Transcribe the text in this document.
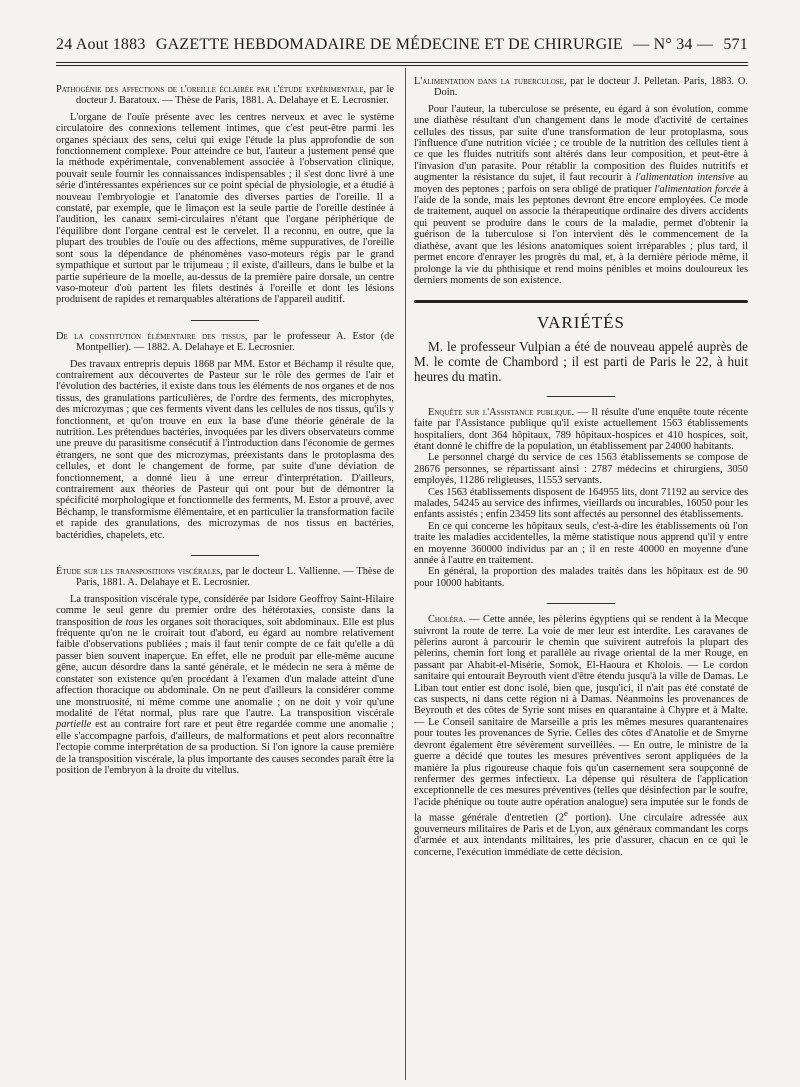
24 Aout 1883 GAZETTE HEBDOMADAIRE DE MÉDECINE ET DE CHIRURGIE — N° 34 — 571
Pathogénie des affections de l'oreille éclairée par l'étude expérimentale, par le docteur J. Baratoux. — Thèse de Paris, 1881. A. Delahaye et E. Lecrosnier.

L'organe de l'ouïe présente avec les centres nerveux et avec le système circulatoire des connexions tellement intimes, que c'est peut-être parmi les organes spéciaux des sens, celui qui exige l'étude la plus approfondie de son fonctionnement complexe. Pour atteindre ce but, l'auteur a justement pensé que la méthode expérimentale, convenablement associée à l'observation clinique, pouvait seule fournir les connaissances indispensables ; il s'est donc livré à une série d'intéressantes expériences sur ce point spécial de physiologie, et a étudié à nouveau l'embryologie et l'anatomie des diverses parties de l'oreille. Il a constaté, par exemple, que le limaçon est la seule partie de l'oreille destinée à l'audition, les canaux semi-circulaires n'étant que l'organe périphérique de l'équilibre dont l'organe central est le cervelet. Il a reconnu, en outre, que la plupart des troubles de l'ouïe ou des affections, même suppuratives, de l'oreille sont sous la dépendance de phénomènes vaso-moteurs régis par le grand sympathique et surtout par le trijumeau ; il existe, d'ailleurs, dans le bulbe et la partie supérieure de la moelle, au-dessus de la première paire dorsale, un centre vaso-moteur d'où partent les filets destinés à l'oreille et dont les lésions produisent de rapides et remarquables altérations de l'appareil auditif.

De la constitution élémentaire des tissus, par le professeur A. Estor (de Montpellier). — 1882. A. Delahaye et E. Lecrosnier.

Des travaux entrepris depuis 1868 par MM. Estor et Béchamp il résulte que, contrairement aux découvertes de Pasteur sur le rôle des germes de l'air et l'évolution des bactéries, il existe dans tous les éléments de nos organes et de nos tissus, des granulations particulières, de l'ordre des ferments, des microphytes, des microzymas ; que ces ferments vivent dans les cellules de nos tissus, qu'ils y fonctionnent, et qu'on trouve en eux la base d'une théorie générale de la nutrition. Les prétendues bactéries, invoquées par les divers observateurs comme une preuve du parasitisme consécutif à l'introduction dans l'économie de germes étrangers, ne sont que des microzymas, préexistants dans le protoplasma des cellules, et dont le changement de forme, par suite d'une déviation de fonctionnement, a donné lieu à une erreur d'interprétation. D'ailleurs, contrairement aux théories de Pasteur qui ont pour but de démontrer la spécificité morphologique et fonctionnelle des ferments, M. Estor a prouvé, avec Béchamp, le transformisme élémentaire, et en particulier la transformation facile et rapide des granulations, des microzymas de nos tissus en bactéries, bactéridies, chapelets, etc.

Étude sur les transpositions viscérales, par le docteur L. Vallienne. — Thèse de Paris, 1881. A. Delahaye et E. Lecrosnier.

La transposition viscérale type, considérée par Isidore Geoffroy Saint-Hilaire comme le seul genre du premier ordre des hétérotaxies, consiste dans la transposition de tous les organes soit thoraciques, soit abdominaux. Elle est plus fréquente qu'on ne le croirait tout d'abord, eu égard au nombre relativement faible d'observations publiées ; mais il faut tenir compte de ce fait qu'elle a dû passer bien souvent inaperçue. En effet, elle ne produit par elle-même aucune gêne, aucun désordre dans la santé générale, et le médecin ne sera à même de constater son existence qu'en procédant à l'examen d'un malade atteint d'une affection thoracique ou abdominale. On ne peut d'ailleurs la considérer comme une monstruosité, ni même comme une anomalie ; on ne doit y voir qu'une modalité de l'état normal, plus rare que l'autre. La transposition viscérale partielle est au contraire fort rare et peut être regardée comme une anomalie ; elle s'accompagne parfois, d'ailleurs, de malformations et peut alors reconnaître l'ectopie comme interprétation de sa production. Si l'on ignore la cause première de la transposition viscérale, la plus importante des causes secondes paraît être la position de l'embryon à la droite du vitellus.

L'alimentation dans la tuberculose, par le docteur J. Pelletan. Paris, 1883. O. Doin.

Pour l'auteur, la tuberculose se présente, eu égard à son évolution, comme une diathèse résultant d'un changement dans le mode d'activité de certaines cellules des tissus, par suite d'une transformation de leur protoplasma, sous l'influence d'une nutrition viciée ; ce trouble de la nutrition des cellules tient à ce que les fluides nutritifs sont altérés dans leur composition, et peut-être à l'invasion d'un parasite. Pour rétablir la composition des fluides nutritifs et augmenter la résistance du sujet, il faut recourir à l'alimentation intensive au moyen des peptones ; parfois on sera obligé de pratiquer l'alimentation forcée à l'aide de la sonde, mais les peptones devront être encore employées. Ce mode de traitement, auquel on associe la thérapeutique ordinaire des divers accidents qui peuvent se produire dans le cours de la maladie, permet d'obtenir la guérison de la tuberculose si l'on intervient dès le commencement de la diathèse, avant que les lésions anatomiques soient irréparables ; plus tard, il permet encore d'enrayer les progrès du mal, et, à la dernière période même, il prolonge la vie du phthisique et rend moins pénibles et moins douloureux les derniers moments de son existence.

VARIÉTÉS

M. le professeur Vulpian a été de nouveau appelé auprès de M. le comte de Chambord ; il est parti de Paris le 22, à huit heures du matin.

Enquête sur l'Assistance publique. — Il résulte d'une enquête toute récente faite par l'Assistance publique qu'il existe actuellement 1563 établissements hospitaliers, dont 364 hôpitaux, 789 hôpitaux-hospices et 410 hospices, soit, étant donné le chiffre de la population, un établissement par 24000 habitants.

Le personnel chargé du service de ces 1563 établissements se compose de 28676 personnes, se répartissant ainsi : 2787 médecins et chirurgiens, 3050 employés, 11286 religieuses, 11553 servants.

Ces 1563 établissements disposent de 164955 lits, dont 71192 au service des malades, 54245 au service des infirmes, vieillards ou incurables, 16050 pour les enfants assistés ; enfin 23459 lits sont affectés au personnel des établissements.

En ce qui concerne les hôpitaux seuls, c'est-à-dire les établissements où l'on traite les maladies accidentelles, la même statistique nous apprend qu'il y entre en moyenne 360000 individus par an ; il en reste 40000 en moyenne d'une année à l'autre en traitement.

En général, la proportion des malades traités dans les hôpitaux est de 90 pour 10000 habitants.

Choléra. — Cette année, les pèlerins égyptiens qui se rendent à la Mecque suivront la route de terre. La voie de mer leur est interdite. Les caravanes de pèlerins auront à parcourir le chemin que suivirent autrefois la plupart des pèlerins, chemin fort long et parallèle au rivage oriental de la mer Rouge, en passant par Ahabit-el-Misérie, Somok, El-Haoura et Kholois. — Le cordon sanitaire qui entourait Beyrouth vient d'être étendu jusqu'à la ville de Damas. Le Liban tout entier est donc isolé, bien que, jusqu'ici, il n'ait pas été constaté de cas suspects, ni dans cette région ni à Damas. Néanmoins les provenances de Beyrouth et des côtes de Syrie sont mises en quarantaine à Chypre et à Malte. — Le Conseil sanitaire de Marseille a pris les mêmes mesures quarantenaires pour toutes les provenances de Syrie. Celles des côtes d'Anatolie et de Smyrne devront également être sévèrement surveillées. — En outre, le ministre de la guerre a décidé que toutes les mesures préventives seront appliquées de la manière la plus rigoureuse chaque fois qu'un casernement sera soupçonné de renfermer des germes infectieux. La dépense qui résultera de l'application exceptionnelle de ces mesures préventives (telles que désinfection par le soufre, l'acide phénique ou toute autre opération analogue) sera imputée sur le fonds de la masse générale d'entretien (2e portion). Une circulaire adressée aux gouverneurs militaires de Paris et de Lyon, aux généraux commandant les corps d'armée et aux intendants militaires, les prie d'assurer, chacun en ce qui le concerne, l'exécution immédiate de cette décision.
